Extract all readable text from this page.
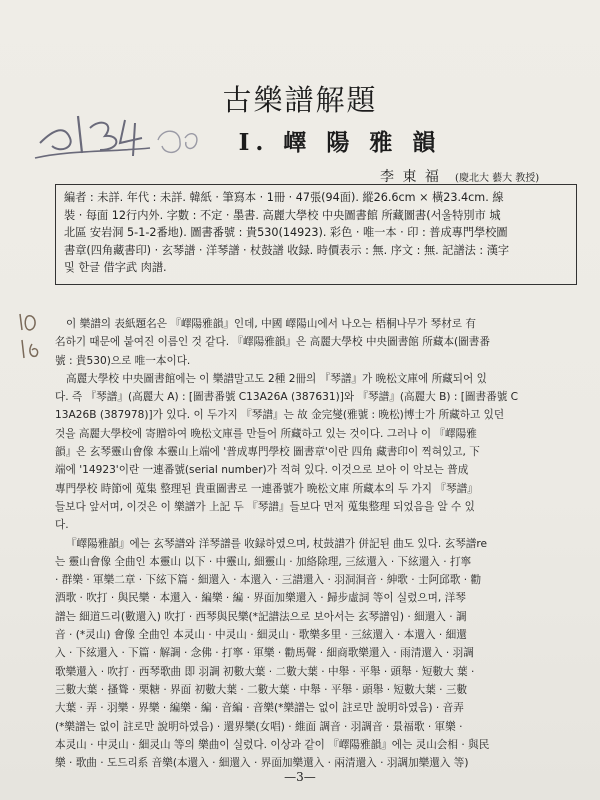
古樂譜解題
Ⅰ. 嶧 陽 雅 韻
李 東 福 (慶北大 藝大 教授)
編者 : 未詳. 年代 : 未詳. 韓紙 · 筆寫本 · 1冊 · 47張(94面). 縱26.6cm × 橫23.4cm. 線
裝 · 每面 12行内外. 字數 : 不定 · 墨書. 高麗大學校 中央圖書館 所藏圖書(서울特別市 城
北區 安岩洞 5-1-2番地). 圖書番號 : 貴530(14923). 彩色 · 唯一本 · 印 : 普成專門學校圖
書章(四角藏書印) · 玄琴譜 · 洋琴譜 · 杖鼓譜 收録. 時價表示 : 無. 序文 : 無. 記譜法 : 漢字
및 한글 借字武 肉譜.
이 樂譜의 表紙題名은 『嶧陽雅韻』인데, 中國 嶧陽山에서 나오는 梧桐나무가 琴材로 有
名하기 때문에 붙여진 이름인 것 같다. 『嶧陽雅韻』은 高麗大學校 中央圖書館 所藏本(圖書番
號 : 貴530)으로 唯一本이다.
高麗大學校 中央圖書館에는 이 樂譜말고도 2種 2冊의 『琴譜』가 晩松文庫에 所藏되어 있
다. 즉 『琴譜』(高麗大 A) : [圖書番號 C13A26A (387631)]와 『琴譜』(高麗大 B) : [圖書番號 C
13A26B (387978)]가 있다. 이 두가지 『琴譜』는 故 金完燮(雅號 : 晩松)博士가 所藏하고 있던
것을 高麗大學校에 寄贈하여 晩松文庫를 만들어 所藏하고 있는 것이다. 그러나 이 『嶧陽雅
韻』은 玄琴靈山會像 本靈山上端에 '普成專門學校 圖書章'이란 四角 藏書印이 찍혀있고, 下
端에 '14923'이란 一連番號(serial number)가 적혀 있다. 이것으로 보아 이 악보는 普成
專門學校 時節에 蒐集 整理된 貴重圖書로 一連番號가 晩松文庫 所藏本의 두 가지 『琴譜』
들보다 앞서며, 이것은 이 樂譜가 上記 두 『琴譜』들보다 먼저 蒐集整理 되었음을 알 수 있
다.
『嶧陽雅韻』에는 玄琴譜와 洋琴譜를 收録하였으며, 杖鼓譜가 併記된 曲도 있다. 玄琴譜re
는 靈山會像 全曲인 本靈山 以下 · 中靈山, 細靈山 · 加絡除理, 三絃還入 · 下絃還入 · 打寧
· 群樂 · 軍樂二章 · 下絃下篇 · 細還入 · 本還入 · 三譜還入 · 羽洞洞音 · 紳歌 · 士阿邱歌 · 勸
酒歌 · 吹打 · 與民樂 · 本還入 · 編樂 · 編 · 界面加樂還入 · 歸步虛詞 等이 실렸으며, 洋琴
譜는 細道드리(數還入) 吹打 · 西琴與民樂(*記譜法으로 보아서는 玄琴譜임) · 細還入 · 調
音 · (*灵山) 會像 全曲인 本灵山 · 中灵山 · 細灵山 · 歌樂多里 · 三絃還入 · 本還入 · 細還
入 · 下絃還入 · 下篇 · 解調 · 念佛 · 打寧 · 軍樂 · 勸馬聲 · 細商歌樂還入 · 雨清還入 · 羽調
歌樂還入 · 吹打 · 西琴歌曲 即 羽調 初數大葉 · 二數大葉 · 中舉 · 平舉 · 頭舉 · 短數大 葉 ·
三數大葉 · 搔聳 · 栗糖 · 界面 初數大葉 · 二數大葉 · 中舉 · 平舉 · 頭舉 · 短數大葉 · 三數
大葉 · 弄 · 羽樂 · 界樂 · 編樂 · 編 · 音編 · 音樂(*樂譜는 없이 註로만 說明하였음) · 音弄
(*樂譜는 없이 註로만 說明하였음) · 還界樂(女唱) · 維面 調音 · 羽調音 · 景福歌 · 軍樂 ·
本灵山 · 中灵山 · 細灵山 等의 樂曲이 실렸다. 이상과 같이 『嶧陽雅韻』에는 灵山会相 · 與民
樂 · 歌曲 · 도드리系 音樂(本還入 · 細還入 · 界面加樂還入 · 兩清還入 · 羽調加樂還入 等)
—3—
